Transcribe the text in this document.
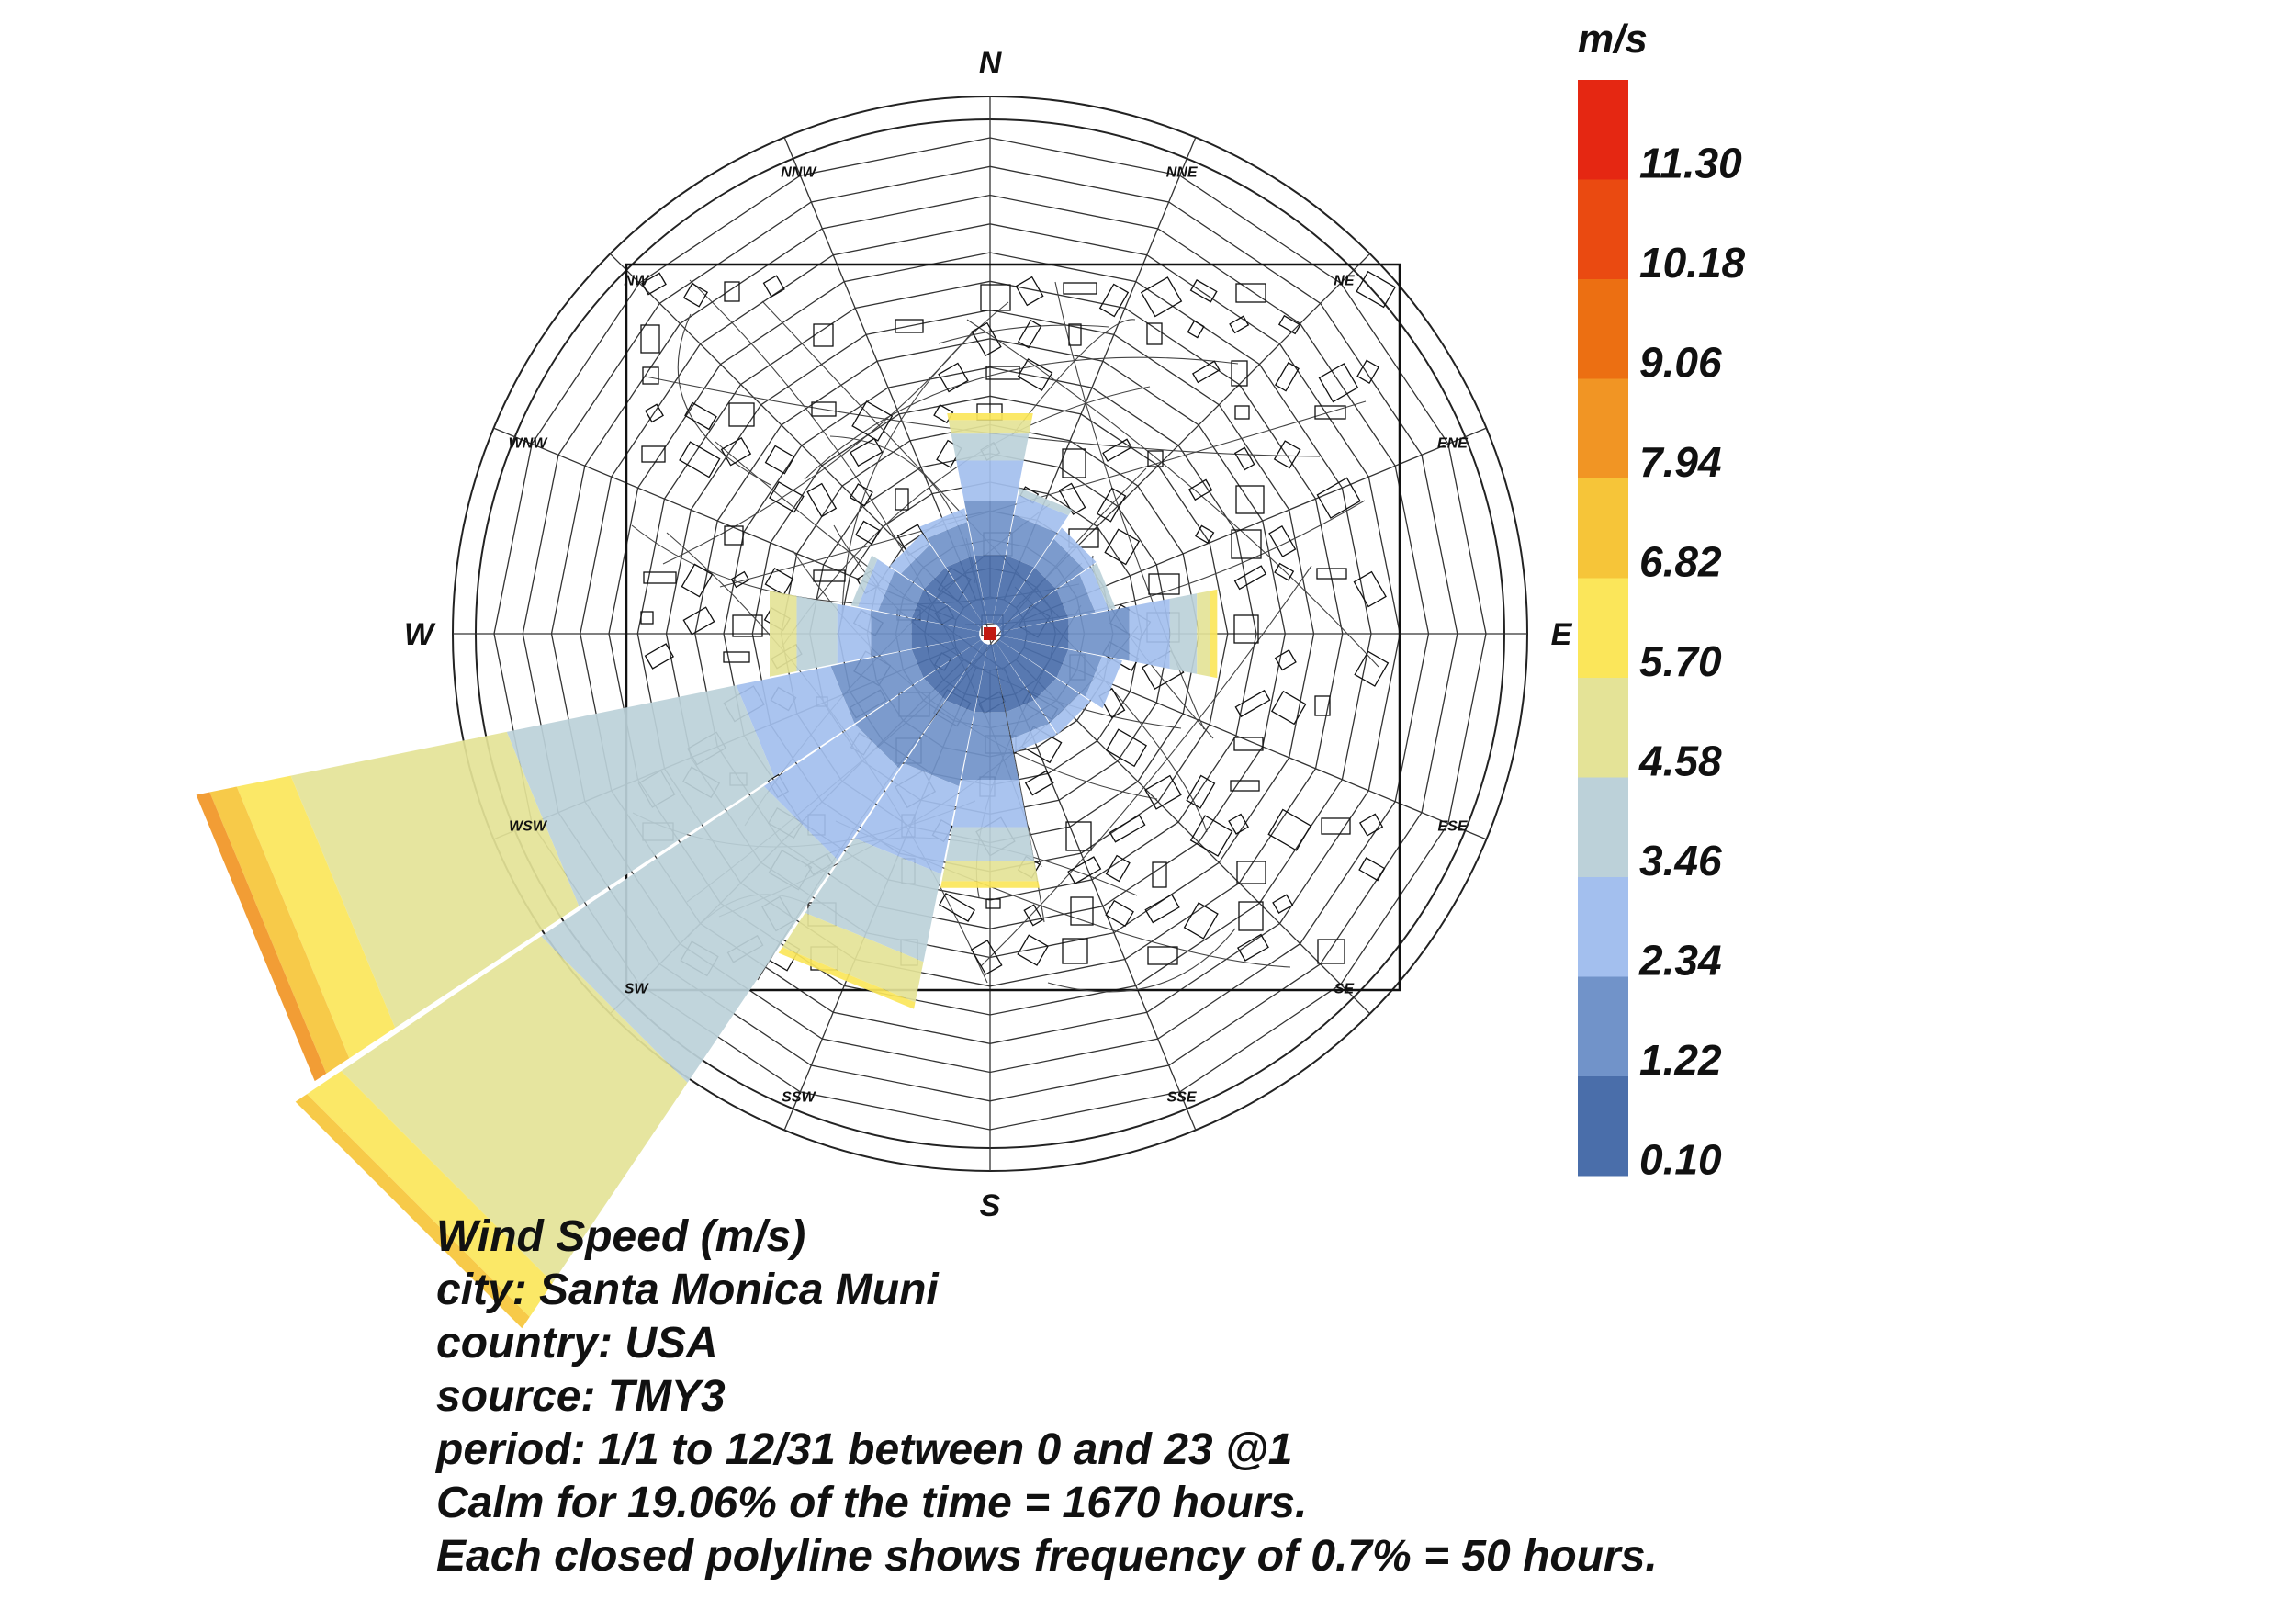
N
NNE
NE
ENE
E
ESE
SE
SSE
S
SSW
SW
WSW
W
WNW
NW
NNW
m/s
11.30
10.18
9.06
7.94
6.82
5.70
4.58
3.46
2.34
1.22
0.10
Wind Speed (m/s)
city: Santa Monica Muni
country: USA
source: TMY3
period: 1/1 to 12/31 between 0 and 23 @1
Calm for 19.06% of the time = 1670 hours.
Each closed polyline shows frequency of 0.7% = 50 hours.
